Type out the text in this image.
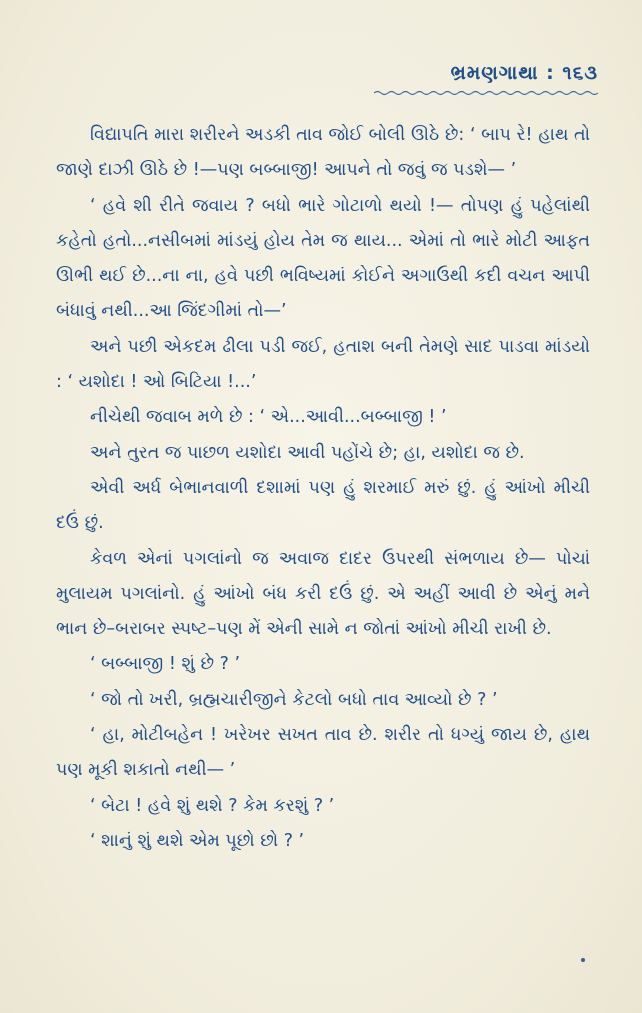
ભ્રમણગાથા : ૧૬૩

વિદ્યાપતિ મારા શરીરને અડકી તાવ જોઈ બોલી ઊઠે છે: ‘ બાપ રે! હાથ તો જાણે દાઝી ઊઠે છે !—પણ બબ્બાજી! આપને તો જવું જ પડશે— ’

‘ હવે શી રીતે જવાય ? બધો ભારે ગોટાળો થયો !— તોપણ હું પહેલાંથી કહેતો હતો...નસીબમાં માંડયું હોય તેમ જ થાય... એમાં તો ભારે મોટી આફત ઊભી થઈ છે...ના ના, હવે પછી ભવિષ્યમાં કોઈને અગાઉથી કદી વચન આપી બંધાવું નથી...આ જિંદગીમાં તો—’

અને પછી એકદમ ઢીલા પડી જઈ, હતાશ બની તેમણે સાદ પાડવા માંડયો : ‘ યશોદા ! ઓ બિટિયા !...’

નીચેથી જવાબ મળે છે : ‘ એ...આવી...બબ્બાજી ! ’

અને તુરત જ પાછળ યશોદા આવી પહોંચે છે; હા, યશોદા જ છે.

એવી અર્ધ બેભાનવાળી દશામાં પણ હું શરમાઈ મરું છું. હું આંખો મીચી દઉં છું.

કેવળ એનાં પગલાંનો જ અવાજ દાદર ઉપરથી સંભળાય છે— પોચાં મુલાયમ પગલાંનો. હું આંખો બંધ કરી દઉં છું. એ અહીં આવી છે એનું મને ભાન છે–બરાબર સ્પષ્ટ–પણ મેં એની સામે ન જોતાં આંખો મીચી રાખી છે.

‘ બબ્બાજી ! શું છે ? ’

‘ જો તો ખરી, બ્રહ્મચારીજીને કેટલો બધો તાવ આવ્યો છે ? ’

‘ હા, મોટીબહેન ! ખરેખર સખત તાવ છે. શરીર તો ધગ્યું જાય છે, હાથ પણ મૂકી શકાતો નથી— ’

‘ બેટા ! હવે શું થશે ? કેમ કરશું ? ’

‘ શાનું શું થશે એમ પૂછો છો ? ’
